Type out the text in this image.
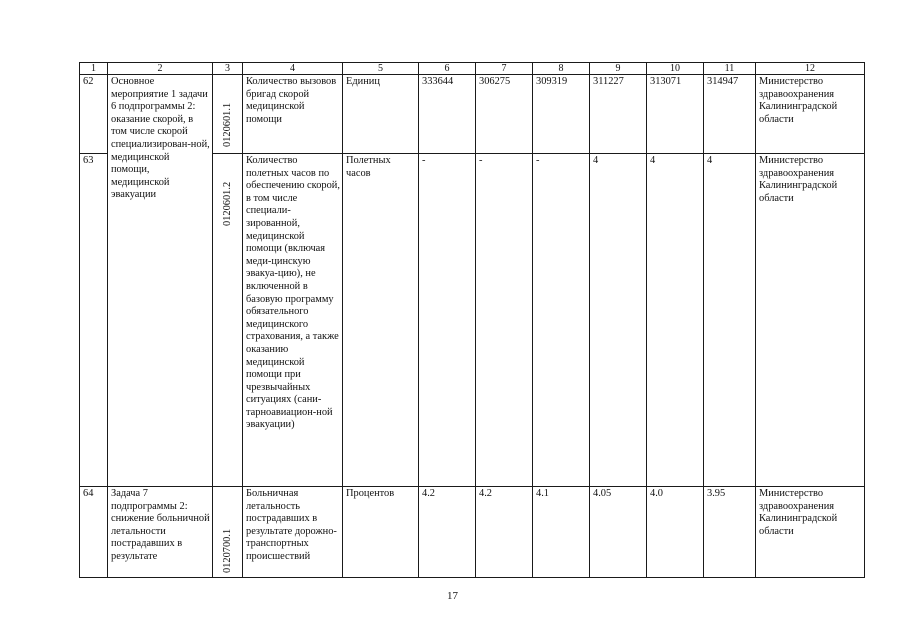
1	2	3	4	5	6	7	8	9	10	11	12
62	Основное мероприятие 1 задачи 6 подпрограммы 2: оказание скорой, в том числе скорой специализирован-ной, медицинской помощи, медицинской эвакуации	0120601.1	Количество вызовов бригад скорой медицинской помощи	Единиц	333644	306275	309319	311227	313071	314947	Министерство здравоохранения Калининградской области
63		0120601.2	Количество полетных часов по обеспечению скорой, в том числе специали-зированной, медицинской помощи (включая меди-цинскую эвакуа-цию), не включенной в базовую программу обязательного медицинского страхования, а также оказанию медицинской помощи при чрезвычайных ситуациях (сани-тарноавиацион-ной эвакуации)	Полетных часов	-	-	-	4	4	4	Министерство здравоохранения Калининградской области
64	Задача 7 подпрограммы 2: снижение больничной летальности пострадавших в результате	0120700.1	Больничная летальность пострадавших в результате дорожно-транспортных происшествий	Процентов	4.2	4.2	4.1	4.05	4.0	3.95	Министерство здравоохранения Калининградской области
17
